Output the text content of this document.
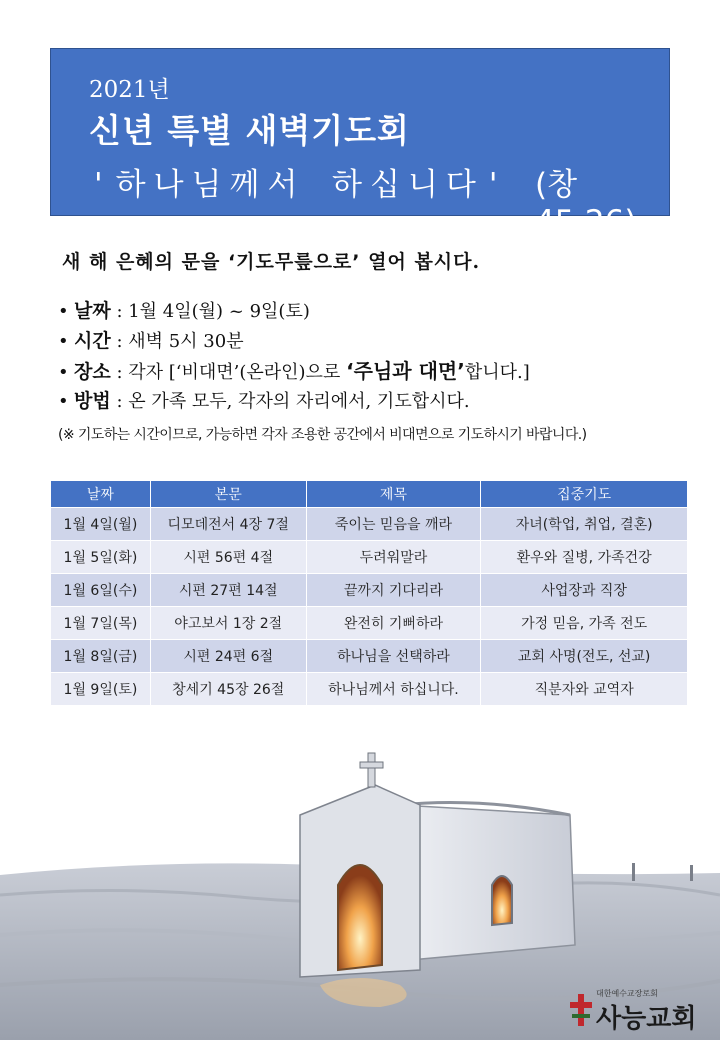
2021년
신년 특별 새벽기도회
'하나님께서 하십니다' (창45:26)
새 해 은혜의 문을 ‘기도무릎으로’ 열어 봅시다.
• 날짜 : 1월 4일(월) ~ 9일(토)
• 시간 : 새벽 5시 30분
• 장소 : 각자 [‘비대면’(온라인)으로 ‘주님과 대면’합니다.]
• 방법 : 온 가족 모두, 각자의 자리에서, 기도합시다.
(※ 기도하는 시간이므로, 가능하면 각자 조용한 공간에서 비대면으로 기도하시기 바랍니다.)
날짜	본문	제목	집중기도
1월 4일(월)	디모데전서 4장 7절	죽이는 믿음을 깨라	자녀(학업, 취업, 결혼)
1월 5일(화)	시편 56편 4절	두려워말라	환우와 질병, 가족건강
1월 6일(수)	시편 27편 14절	끝까지 기다리라	사업장과 직장
1월 7일(목)	야고보서 1장 2절	완전히 기뻐하라	가정 믿음, 가족 전도
1월 8일(금)	시편 24편 6절	하나님을 선택하라	교회 사명(전도, 선교)
1월 9일(토)	창세기 45장 26절	하나님께서 하십니다.	직분자와 교역자
대한예수교장로회
사능교회
